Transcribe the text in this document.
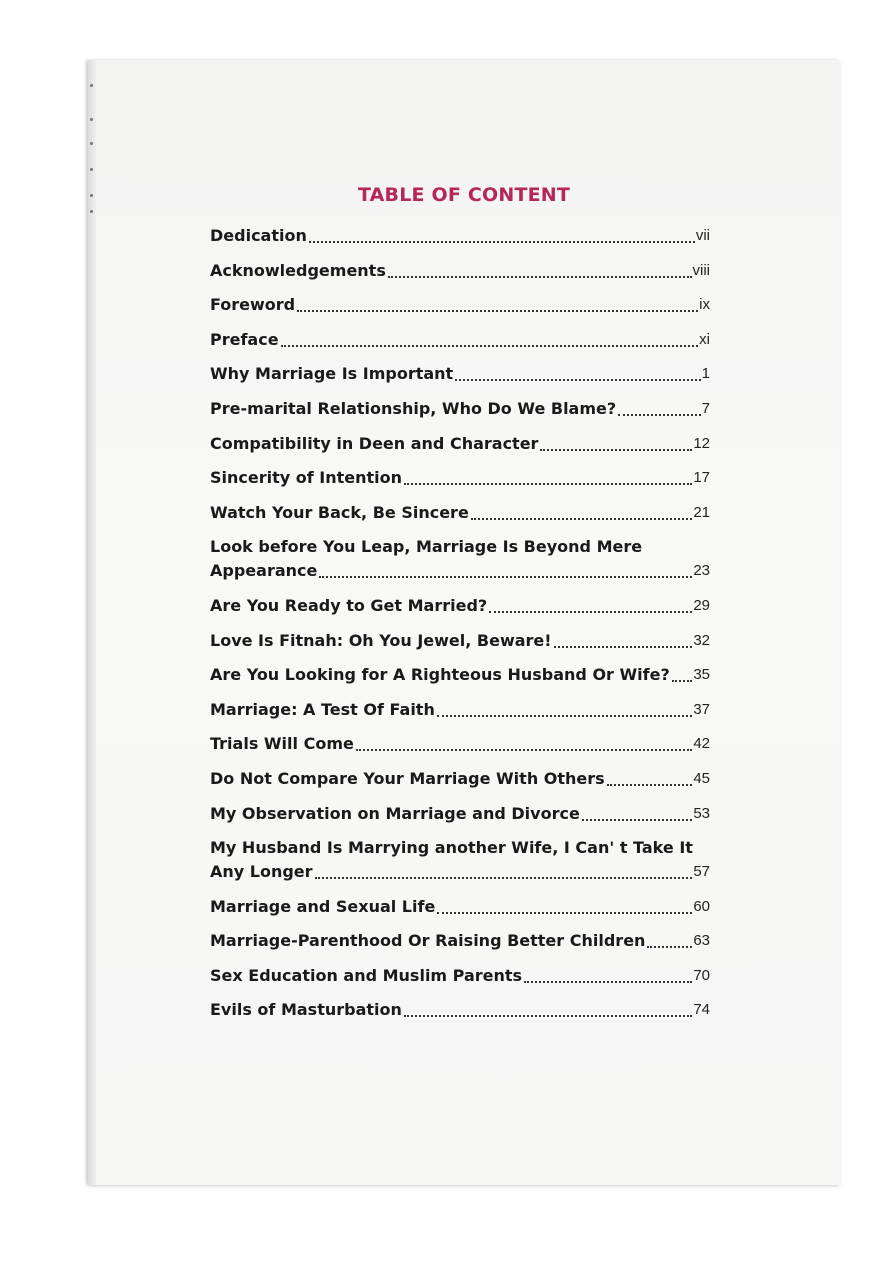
TABLE OF CONTENT
Dedication	vii
Acknowledgements	viii
Foreword	ix
Preface	xi
Why Marriage Is Important	1
Pre-marital Relationship, Who Do We Blame?	7
Compatibility in Deen and Character	12
Sincerity of Intention	17
Watch Your Back, Be Sincere	21
Look before You Leap, Marriage Is Beyond Mere
Appearance	23
Are You Ready to Get Married?	29
Love Is Fitnah: Oh You Jewel, Beware!	32
Are You Looking for A Righteous Husband Or Wife? 35
Marriage: A Test Of Faith	37
Trials Will Come	42
Do Not Compare Your Marriage With Others	45
My Observation on Marriage and Divorce	53
My Husband Is Marrying another Wife, I Can' t Take It
Any Longer	57
Marriage and Sexual Life	60
Marriage-Parenthood Or Raising Better Children	63
Sex Education and Muslim Parents	70
Evils of Masturbation	74
